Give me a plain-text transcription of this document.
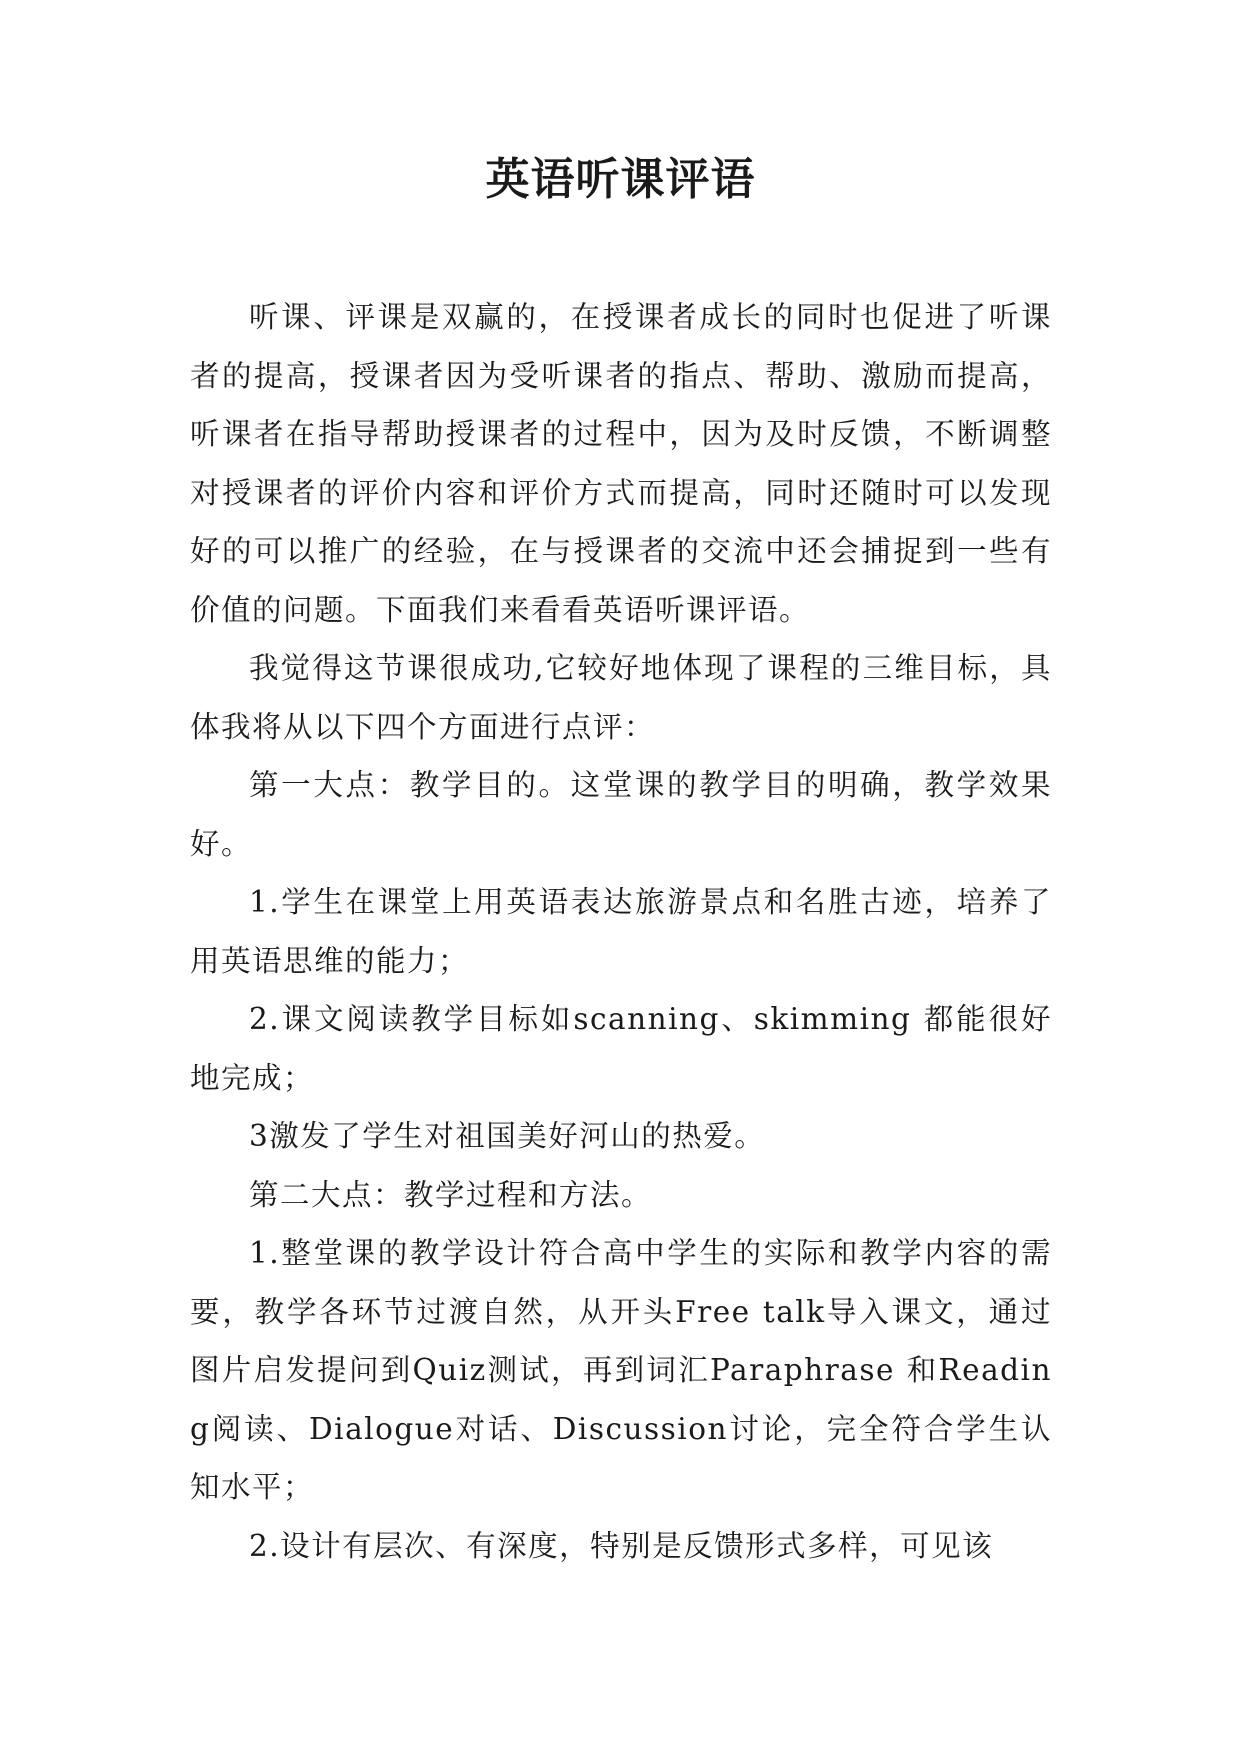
英语听课评语

听课、评课是双赢的，在授课者成长的同时也促进了听课者的提高，授课者因为受听课者的指点、帮助、激励而提高，听课者在指导帮助授课者的过程中，因为及时反馈，不断调整对授课者的评价内容和评价方式而提高，同时还随时可以发现好的可以推广的经验，在与授课者的交流中还会捕捉到一些有价值的问题。下面我们来看看英语听课评语。

我觉得这节课很成功,它较好地体现了课程的三维目标，具体我将从以下四个方面进行点评：

第一大点：教学目的。这堂课的教学目的明确，教学效果好。

1.学生在课堂上用英语表达旅游景点和名胜古迹，培养了用英语思维的能力；

2.课文阅读教学目标如scanning、skimming 都能很好地完成；

3激发了学生对祖国美好河山的热爱。

第二大点：教学过程和方法。

1.整堂课的教学设计符合高中学生的实际和教学内容的需要，教学各环节过渡自然，从开头Free talk导入课文，通过图片启发提问到Quiz测试，再到词汇Paraphrase 和Reading阅读、Dialogue对话、Discussion讨论，完全符合学生认知水平；

2.设计有层次、有深度，特别是反馈形式多样，可见该
